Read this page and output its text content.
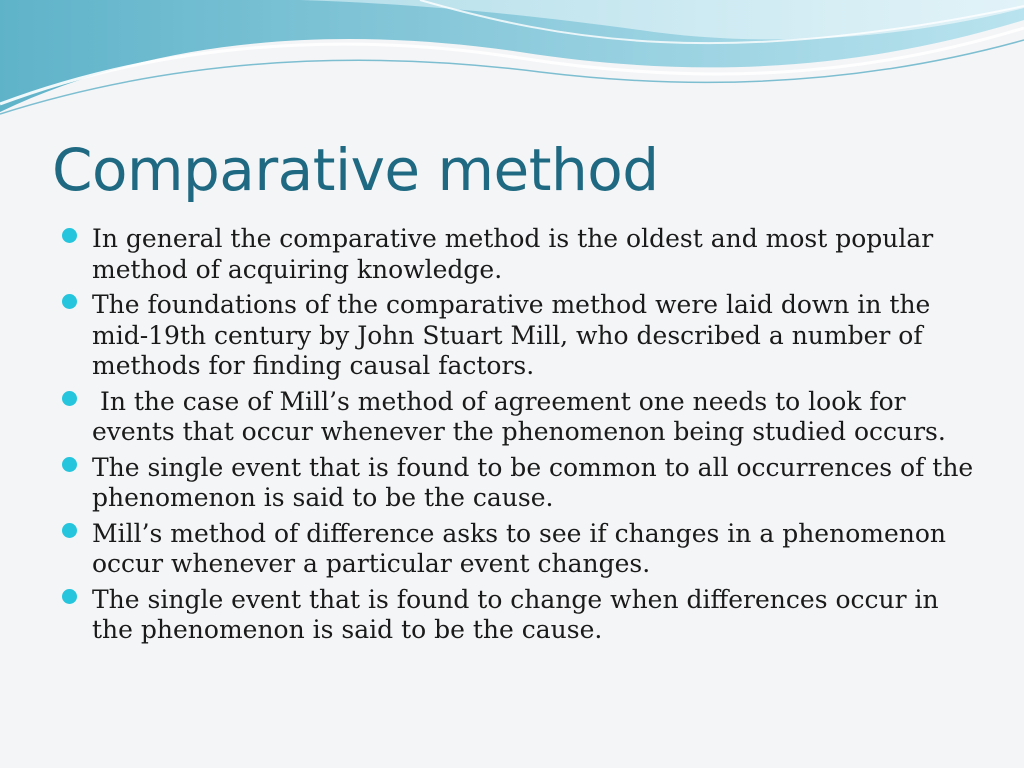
Comparative method
In general the comparative method is the oldest and most popular method of acquiring knowledge.
The foundations of the comparative method were laid down in the mid-19th century by John Stuart Mill, who described a number of methods for finding causal factors.
In the case of Mill’s method of agreement one needs to look for events that occur whenever the phenomenon being studied occurs.
The single event that is found to be common to all occurrences of the phenomenon is said to be the cause.
Mill’s method of difference asks to see if changes in a phenomenon occur whenever a particular event changes.
The single event that is found to change when differences occur in the phenomenon is said to be the cause.
